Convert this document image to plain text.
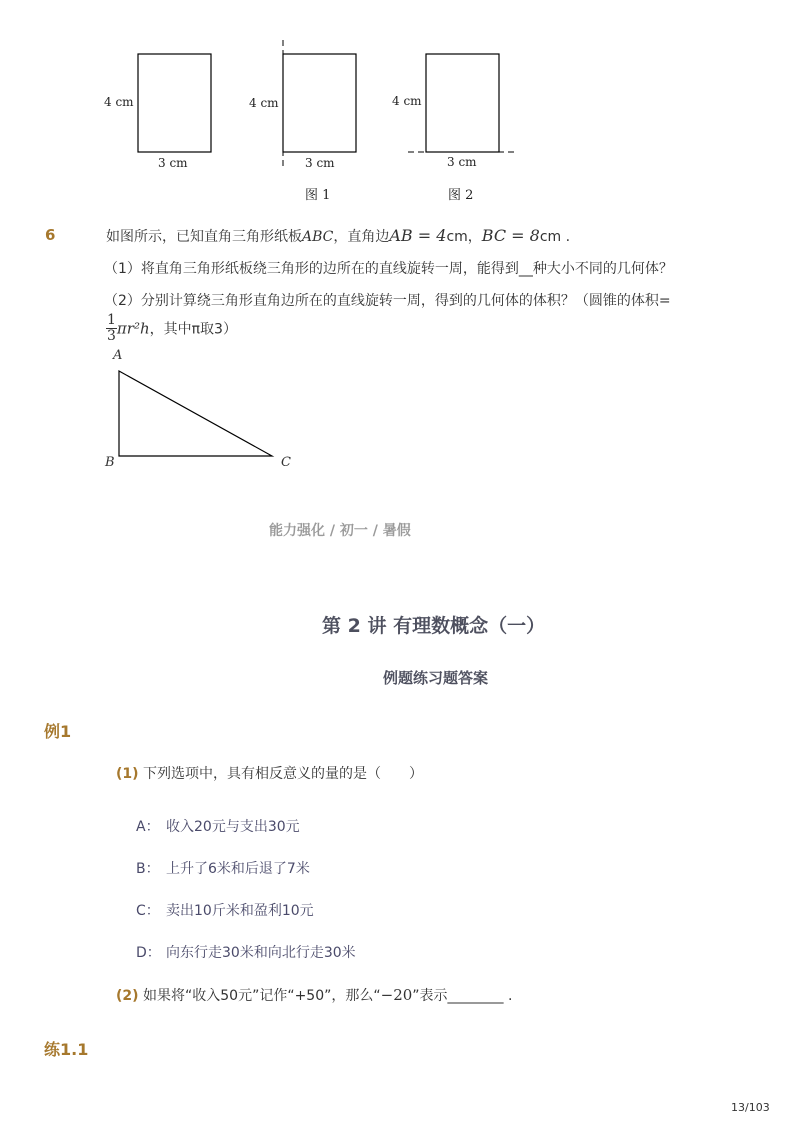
4 cm
3 cm
4 cm
3 cm
图 1
4 cm
3 cm
图 2
6	如图所示，已知直角三角形纸板ABC，直角边AB = 4cm，BC = 8cm .
（1）将直角三角形纸板绕三角形的边所在的直线旋转一周，能得到__种大小不同的几何体？
（2）分别计算绕三角形直角边所在的直线旋转一周，得到的几何体的体积？（圆锥的体积=
$\frac{1}{3} \pi r^2h$，其中π取3）
A
B	C
能力强化 / 初一 / 暑假
第 2 讲 有理数概念（一）
例题练习题答案
例1
(1) 下列选项中，具有相反意义的量的是（　　）
A： 收入20元与支出30元
B： 上升了6米和后退了7米
C： 卖出10斤米和盈利10元
D： 向东行走30米和向北行走30米
(2) 如果将“收入50元”记作“+50”，那么“−20”表示________ .
练1.1
13/103
